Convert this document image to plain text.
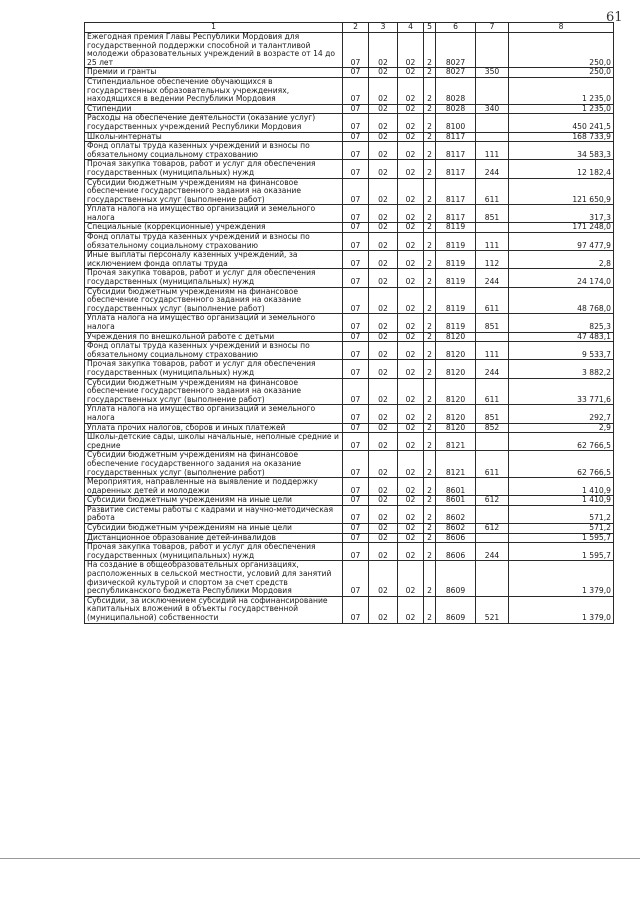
61
1	2	3	4	5	6	7	8
Ежегодная премия Главы Республики Мордовия для государственной поддержки способной и талантливой молодежи образовательных учреждений в возрасте от 14 до 25 лет	07	02	02	2	8027		250,0
Премии и гранты	07	02	02	2	8027	350	250,0
Стипендиальное обеспечение обучающихся в государственных образовательных учреждениях, находящихся в ведении Республики Мордовия	07	02	02	2	8028		1 235,0
Стипендии	07	02	02	2	8028	340	1 235,0
Расходы на обеспечение деятельности (оказание услуг) государственных учреждений Республики Мордовия	07	02	02	2	8100		450 241,5
Школы-интернаты	07	02	02	2	8117		168 733,9
Фонд оплаты труда казенных учреждений и взносы по обязательному социальному страхованию	07	02	02	2	8117	111	34 583,3
Прочая закупка товаров, работ и услуг для обеспечения государственных (муниципальных) нужд	07	02	02	2	8117	244	12 182,4
Субсидии бюджетным учреждениям на финансовое обеспечение государственного задания на оказание государственных услуг (выполнение работ)	07	02	02	2	8117	611	121 650,9
Уплата налога на имущество организаций и земельного налога	07	02	02	2	8117	851	317,3
Специальные (коррекционные) учреждения	07	02	02	2	8119		171 248,0
Фонд оплаты труда казенных учреждений и взносы по обязательному социальному страхованию	07	02	02	2	8119	111	97 477,9
Иные выплаты персоналу казенных учреждений, за исключением фонда оплаты труда	07	02	02	2	8119	112	2,8
Прочая закупка товаров, работ и услуг для обеспечения государственных (муниципальных) нужд	07	02	02	2	8119	244	24 174,0
Субсидии бюджетным учреждениям на финансовое обеспечение государственного задания на оказание государственных услуг (выполнение работ)	07	02	02	2	8119	611	48 768,0
Уплата налога на имущество организаций и земельного налога	07	02	02	2	8119	851	825,3
Учреждения по внешкольной работе с детьми	07	02	02	2	8120		47 483,1
Фонд оплаты труда казенных учреждений и взносы по обязательному социальному страхованию	07	02	02	2	8120	111	9 533,7
Прочая закупка товаров, работ и услуг для обеспечения государственных (муниципальных) нужд	07	02	02	2	8120	244	3 882,2
Субсидии бюджетным учреждениям на финансовое обеспечение государственного задания на оказание государственных услуг (выполнение работ)	07	02	02	2	8120	611	33 771,6
Уплата налога на имущество организаций и земельного налога	07	02	02	2	8120	851	292,7
Уплата прочих налогов, сборов и иных платежей	07	02	02	2	8120	852	2,9
Школы-детские сады, школы начальные, неполные средние и средние	07	02	02	2	8121		62 766,5
Субсидии бюджетным учреждениям на финансовое обеспечение государственного задания на оказание государственных услуг (выполнение работ)	07	02	02	2	8121	611	62 766,5
Мероприятия, направленные на выявление и поддержку одаренных детей и молодежи	07	02	02	2	8601		1 410,9
Субсидии бюджетным учреждениям на иные цели	07	02	02	2	8601	612	1 410,9
Развитие системы работы с кадрами и научно-методическая работа	07	02	02	2	8602		571,2
Субсидии бюджетным учреждениям на иные цели	07	02	02	2	8602	612	571,2
Дистанционное образование детей-инвалидов	07	02	02	2	8606		1 595,7
Прочая закупка товаров, работ и услуг для обеспечения государственных (муниципальных) нужд	07	02	02	2	8606	244	1 595,7
На создание в общеобразовательных организациях, расположенных в сельской местности, условий для занятий физической культурой и спортом за счет средств республиканского бюджета Республики Мордовия	07	02	02	2	8609		1 379,0
Субсидии, за исключением субсидий на софинансирование капитальных вложений в объекты государственной (муниципальной) собственности	07	02	02	2	8609	521	1 379,0
